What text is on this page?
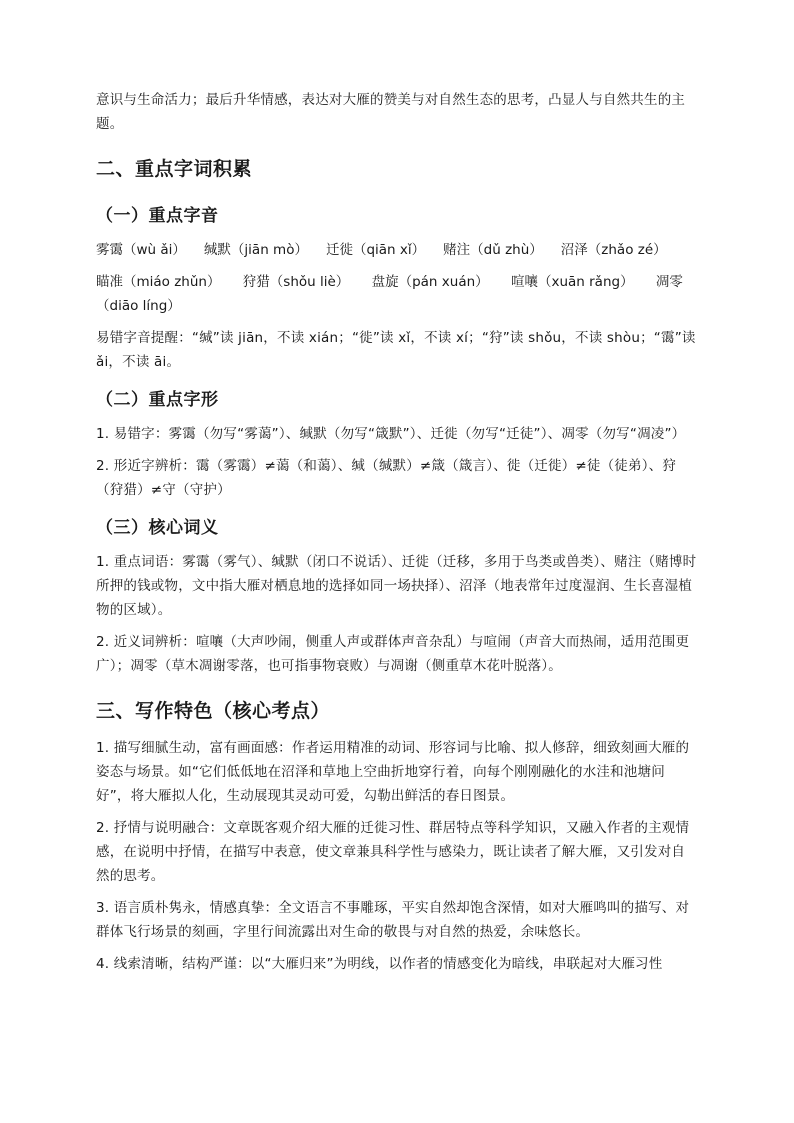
意识与生命活力；最后升华情感，表达对大雁的赞美与对自然生态的思考，凸显人与自然共生的主题。

二、重点字词积累
（一）重点字音
雾霭（wù ǎi） 缄默（jiān mò） 迁徙（qiān xǐ） 赌注（dǔ zhù） 沼泽（zhǎo zé）
瞄准（miáo zhǔn） 狩猎（shǒu liè） 盘旋（pán xuán） 喧嚷（xuān rǎng） 凋零（diāo líng）

易错字音提醒：“缄”读 jiān，不读 xián；“徙”读 xǐ，不读 xí；“狩”读 shǒu，不读 shòu；“霭”读ǎi，不读 āi。

（二）重点字形

1. 易错字：雾霭（勿写“雾蔼”）、缄默（勿写“箴默”）、迁徙（勿写“迁徒”）、凋零（勿写“凋凌”）

2. 形近字辨析：霭（雾霭）≠蔼（和蔼）、缄（缄默）≠箴（箴言）、徙（迁徙）≠徒（徒弟）、狩（狩猎）≠守（守护）

（三）核心词义

1. 重点词语：雾霭（雾气）、缄默（闭口不说话）、迁徙（迁移，多用于鸟类或兽类）、赌注（赌博时所押的钱或物，文中指大雁对栖息地的选择如同一场抉择）、沼泽（地表常年过度湿润、生长喜湿植物的区域）。

2. 近义词辨析：喧嚷（大声吵闹，侧重人声或群体声音杂乱）与喧闹（声音大而热闹，适用范围更广）；凋零（草木凋谢零落，也可指事物衰败）与凋谢（侧重草木花叶脱落）。

三、写作特色（核心考点）

1. 描写细腻生动，富有画面感：作者运用精准的动词、形容词与比喻、拟人修辞，细致刻画大雁的姿态与场景。如“它们低低地在沼泽和草地上空曲折地穿行着，向每个刚刚融化的水洼和池塘问好”，将大雁拟人化，生动展现其灵动可爱，勾勒出鲜活的春日图景。

2. 抒情与说明融合：文章既客观介绍大雁的迁徙习性、群居特点等科学知识，又融入作者的主观情感，在说明中抒情，在描写中表意，使文章兼具科学性与感染力，既让读者了解大雁，又引发对自然的思考。

3. 语言质朴隽永，情感真挚：全文语言不事雕琢，平实自然却饱含深情，如对大雁鸣叫的描写、对群体飞行场景的刻画，字里行间流露出对生命的敬畏与对自然的热爱，余味悠长。

4. 线索清晰，结构严谨：以“大雁归来”为明线，以作者的情感变化为暗线，串联起对大雁习性
